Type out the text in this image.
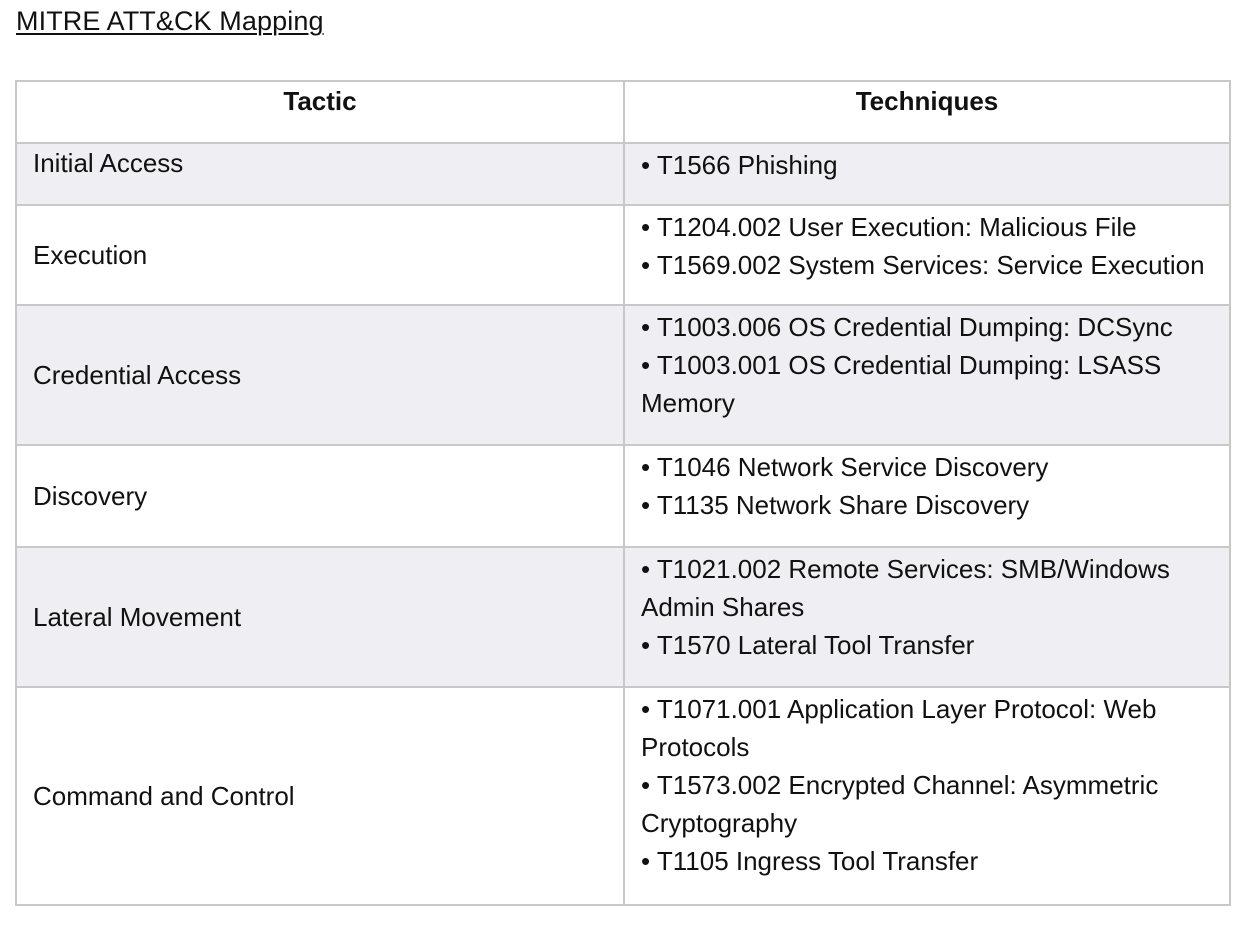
MITRE ATT&CK Mapping
Tactic	Techniques
Initial Access	• T1566 Phishing

Execution	• T1204.002 User Execution: Malicious File
• T1569.002 System Services: Service Execution

Credential Access	• T1003.006 OS Credential Dumping: DCSync
• T1003.001 OS Credential Dumping: LSASS Memory

Discovery	• T1046 Network Service Discovery
• T1135 Network Share Discovery

Lateral Movement	• T1021.002 Remote Services: SMB/Windows Admin Shares
• T1570 Lateral Tool Transfer

Command and Control	• T1071.001 Application Layer Protocol: Web Protocols
• T1573.002 Encrypted Channel: Asymmetric Cryptography
• T1105 Ingress Tool Transfer
